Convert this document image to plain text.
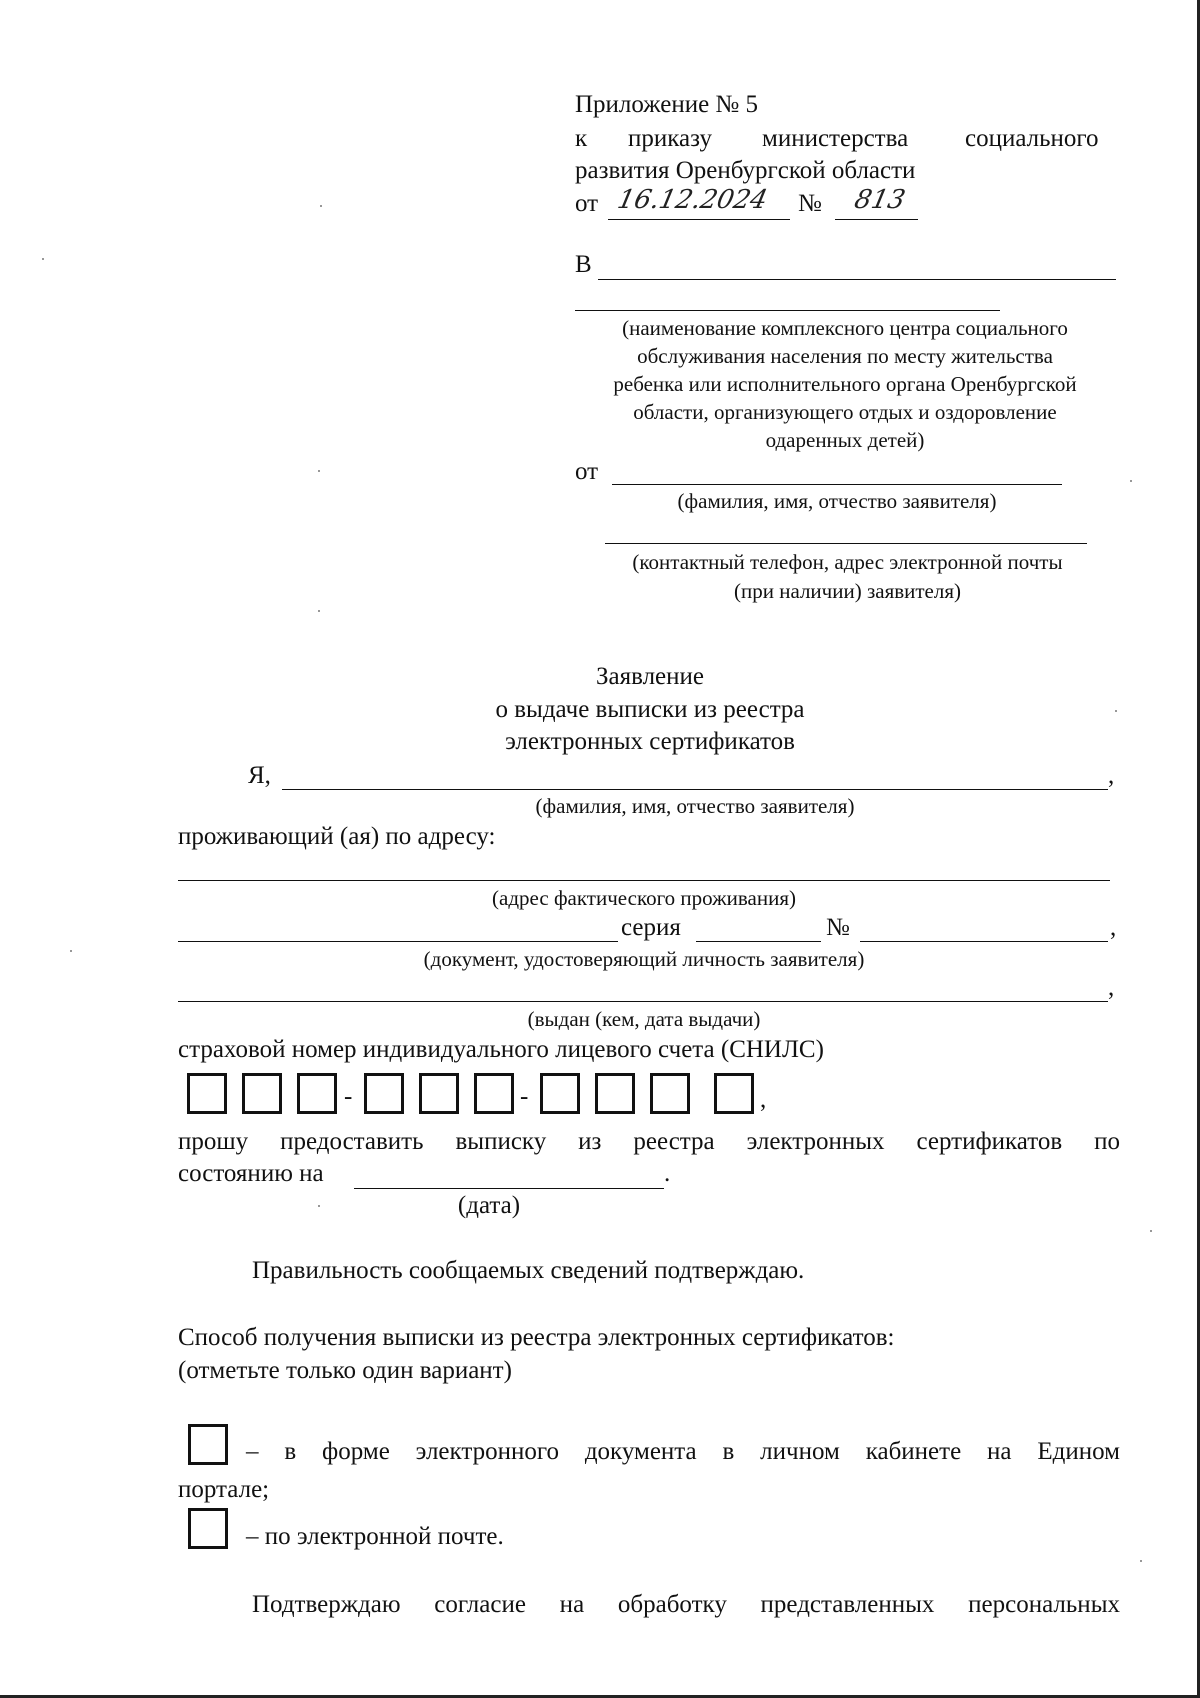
Приложение № 5
к приказу министерства социального
развития Оренбургской области
от 16.12.2024 № 813
В
(наименование комплексного центра социального
обслуживания населения по месту жительства
ребенка или исполнительного органа Оренбургской
области, организующего отдых и оздоровление
одаренных детей)
от
(фамилия, имя, отчество заявителя)
(контактный телефон, адрес электронной почты
(при наличии) заявителя)
Заявление
о выдаче выписки из реестра
электронных сертификатов
Я,	,
(фамилия, имя, отчество заявителя)
проживающий (ая) по адресу:
(адрес фактического проживания)
серия	№	,
(документ, удостоверяющий личность заявителя)
,
(выдан (кем, дата выдачи)
страховой номер индивидуального лицевого счета (СНИЛС)
-	-	,
прошу предоставить выписку из реестра электронных сертификатов по
состоянию на	.
(дата)
Правильность сообщаемых сведений подтверждаю.
Способ получения выписки из реестра электронных сертификатов:
(отметьте только один вариант)
– в форме электронного документа в личном кабинете на Едином
портале;
– по электронной почте.
Подтверждаю согласие на обработку представленных персональных
